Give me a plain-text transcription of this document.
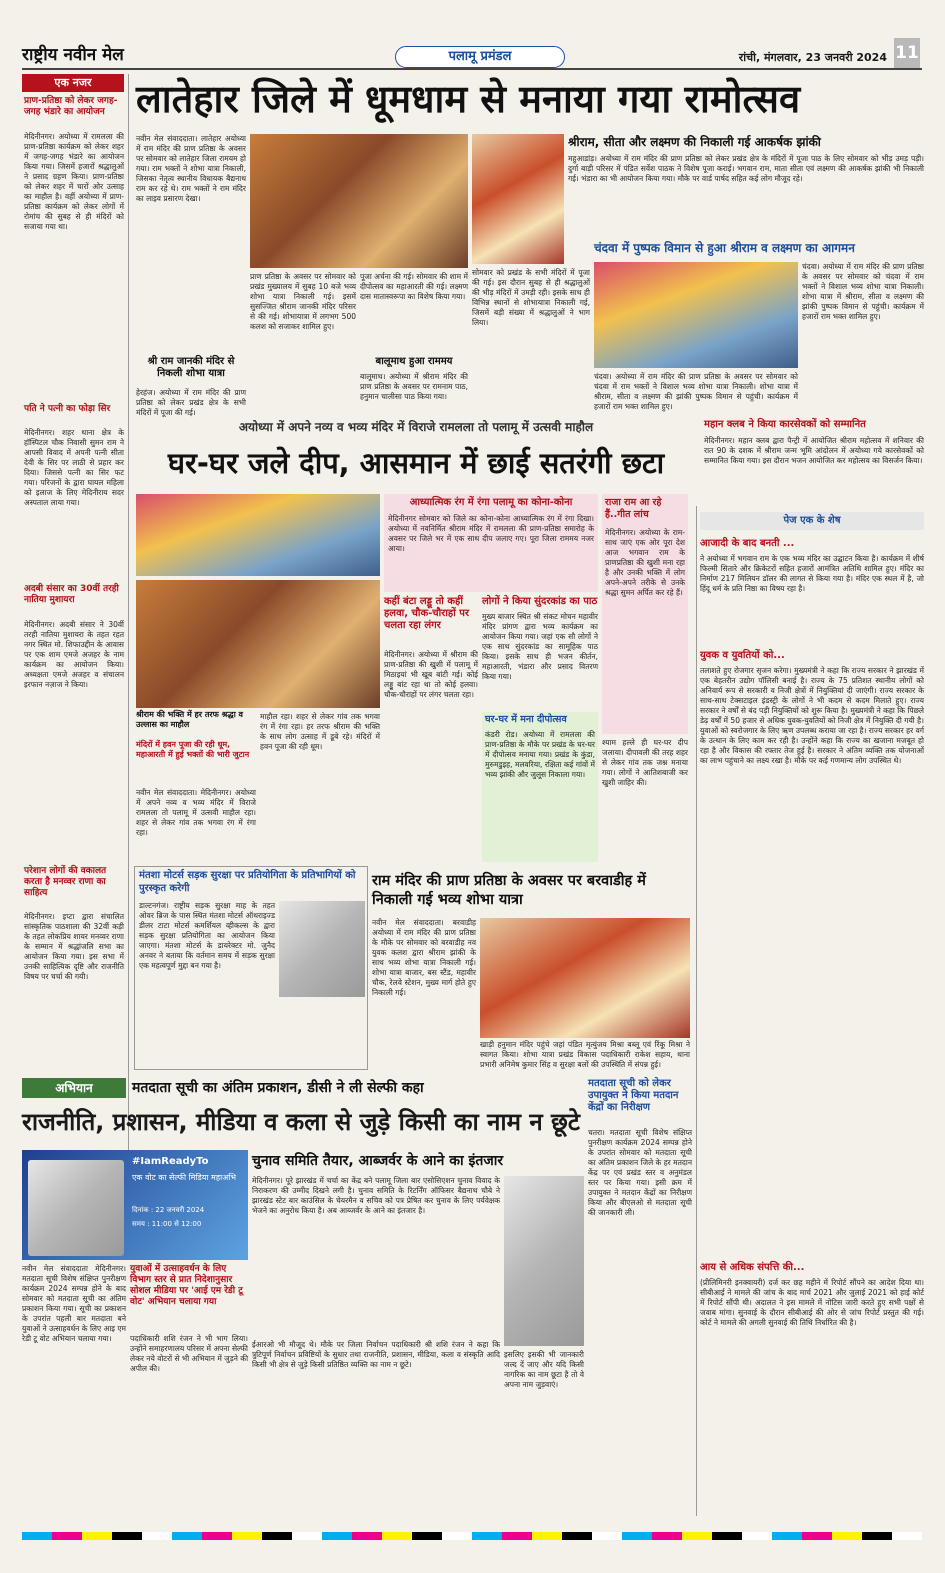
राष्ट्रीय नवीन मेल	पलामू प्रमंडल	रांची, मंगलवार, 23 जनवरी 2024 11
एक नजर
प्राण-प्रतिष्ठा को लेकर जगह-जगह भंडारे का आयोजन
मेदिनीनगर। अयोध्या में रामलला की प्राण-प्रतिष्ठा कार्यक्रम को लेकर शहर में जगह-जगह भंडारे का आयोजन किया गया। जिसमें हजारों श्रद्धालुओं ने प्रसाद ग्रहण किया। प्राण-प्रतिष्ठा को लेकर शहर में चारों ओर उत्साह का माहौल है। वहीं अयोध्या में प्राण-प्रतिष्ठा कार्यक्रम को लेकर लोगों में रोमांच की सुबह से ही मंदिरों को सजाया गया था।
पति ने पत्नी का फोड़ा सिर
मेदिनीनगर। शहर थाना क्षेत्र के हॉस्पिटल चौक निवासी सुमन राम ने आपसी विवाद में अपनी पत्नी सीता देवी के सिर पर लाठी से प्रहार कर दिया। जिससे पत्नी का सिर फट गया। परिजनों के द्वारा घायल महिला को इलाज के लिए मेदिनीराय सदर अस्पताल लाया गया।
अदबी संसार का 30वीं तरही नातिया मुशायरा
मेदिनीनगर। अदबी संसार ने 30वीं तरही नातिया मुशायरा के तहत रहत नगर स्थित मो. शिफाउद्दीन के आवास पर एक शाम एमजे अजहर के नाम कार्यक्रम का आयोजन किया। अध्यक्षता एमजे अजहर व संचालन इरफान नज़ाज ने किया।
परेशान लोगों की वकालत करता है मनव्वर राणा का साहित्य
मेदिनीनगर। इप्टा द्वारा संचालित सांस्कृतिक पाठशाला की 32वीं कड़ी के तहत लोकप्रिय शायर मनव्वर राणा के सम्मान में श्रद्धांजलि सभा का आयोजन किया गया। इस सभा में उनकी साहित्यिक दृष्टि और राजनीति विषय पर चर्चा की गयी।
लातेहार जिले में धूमधाम से मनाया गया रामोत्सव
नवीन मेल संवाददाता। लातेहार अयोध्या में राम मंदिर की प्राण प्रतिष्ठा के अवसर पर सोमवार को लातेहार जिला रामयम हो गया। राम भक्तों ने शोभा यात्रा निकाली, जिसका नेतृत्व स्थानीय विधायक बैद्यनाथ राम कर रहे थे। राम भक्तों ने राम मंदिर का लाइव प्रसारण देखा।
प्राण प्रतिष्ठा के अवसर पर सोमवार को प्रखंड मुख्यालय में सुबह 10 बजे भव्य शोभा यात्रा निकाली गई। इसमें सुसज्जित श्रीराम जानकी मंदिर परिसर से की गई। शोभायात्रा में लगभग 500 कलश को सजाकर शामिल हुए।
पूजा अर्चना की गई। सोमवार की शाम में दीपोत्सव का महाआरती की गई। लक्ष्मण दास मातास्वरूपा का विशेष किया गया।
श्री राम जानकी मंदिर से निकली शोभा यात्रा
हेरहंज। अयोध्या में राम मंदिर की प्राण प्रतिष्ठा को लेकर प्रखंड क्षेत्र के सभी मंदिरों में पूजा की गई।
बालूमाथ हुआ राममय
बालूमाथ। अयोध्या में श्रीराम मंदिर की प्राण प्रतिष्ठा के अवसर पर रामनाम पाठ, हनुमान चालीसा पाठ किया गया।
श्रीराम, सीता और लक्ष्मण की निकाली गई आकर्षक झांकी
महुआडांड़। अयोध्या में राम मंदिर की प्राण प्रतिष्ठा को लेकर प्रखंड क्षेत्र के मंदिरों में पूजा पाठ के लिए सोमवार को भीड़ उमड़ पड़ी। दुर्गा बाड़ी परिसर में पंडित सर्वेश पाठक ने विशेष पूजा कराई। भगवान राम, माता सीता एवं लक्ष्मण की आकर्षक झांकी भी निकाली गई। भंडारा का भी आयोजन किया गया। मौके पर वार्ड पार्षद सहित कई लोग मौजूद रहे।
सोमवार को प्रखंड के सभी मंदिरों में पूजा की गई। इस दौरान सुबह से ही श्रद्धालुओं की भीड़ मंदिरों में उमड़ी रही। इसके साथ ही विभिन्न स्थानों से शोभायात्रा निकाली गई, जिसमें बड़ी संख्या में श्रद्धालुओं ने भाग लिया।
चंदवा में पुष्पक विमान से हुआ श्रीराम व लक्ष्मण का आगमन
चंदवा। अयोध्या में राम मंदिर की प्राण प्रतिष्ठा के अवसर पर सोमवार को चंदवा में राम भक्तों ने विशाल भव्य शोभा यात्रा निकाली। शोभा यात्रा में श्रीराम, सीता व लक्ष्मण की झांकी पुष्पक विमान से पहुंची। कार्यक्रम में हजारों राम भक्त शामिल हुए।
चंदवा। अयोध्या में राम मंदिर की प्राण प्रतिष्ठा के अवसर पर सोमवार को चंदवा में राम भक्तों ने विशाल भव्य शोभा यात्रा निकाली। शोभा यात्रा में श्रीराम, सीता व लक्ष्मण की झांकी पुष्पक विमान से पहुंची। कार्यक्रम में हजारों राम भक्त शामिल हुए।
अयोध्या में अपने नव्य व भव्य मंदिर में विराजे रामलला तो पलामू में उत्सवी माहौल
घर-घर जले दीप, आसमान में छाई सतरंगी छटा
महान क्लब ने किया कारसेवकों को सम्मानित
मेदिनीनगर। महान क्लब द्वारा पैन्ट्री में आयोजित श्रीराम महोत्सव में शनिवार की रात 90 के दशक में श्रीराम जन्म भूमि आंदोलन में अयोध्या गये कारसेवकों को सम्मानित किया गया। इस दौरान भजन आयोजित कर महोत्सव का विसर्जन किया।
श्रीराम की भक्ति में हर तरफ श्रद्धा व उल्लास का माहौल
मंदिरों में हवन पूजा की रही धूम, महाआरती में हुई भक्तों की भारी जुटान
नवीन मेल संवाददाता। मेदिनीनगर। अयोध्या में अपने नव्य व भव्य मंदिर में विराजे रामलला तो पलामू में उत्सवी माहौल रहा। शहर से लेकर गांव तक भगवा रंग में रंगा रहा।
माहौल रहा। शहर से लेकर गांव तक भगवा रंग में रंगा रहा। हर तरफ श्रीराम की भक्ति के साथ लोग उत्साह में डूबे रहे। मंदिरों में हवन पूजा की रही धूम।
आध्यात्मिक रंग में रंगा पलामू का कोना-कोना
मेदिनीनगर सोमवार को जिले का कोना-कोना आध्यात्मिक रंग में रंगा दिखा। अयोध्या में नवनिर्मित श्रीराम मंदिर में रामलला की प्राण-प्रतिष्ठा समारोह के अवसर पर जिले भर में एक साथ दीप जलाए गए। पूरा जिला राममय नजर आया।
कहीं बंटा लड्डू तो कहीं हलवा, चौक-चौराहों पर चलता रहा लंगर
मेदिनीनगर। अयोध्या में श्रीराम की प्राण-प्रतिष्ठा की खुशी में पलामू में मिठाइयां भी खूब बांटी गई। कोई लड्डू बांट रहा था तो कोई हलवा। चौक-चौराहों पर लंगर चलता रहा।
लोगों ने किया सुंदरकांड का पाठ
मुख्य बाजार स्थित श्री संकट मोचन महावीर मंदिर प्रांगण द्वारा भव्य कार्यक्रम का आयोजन किया गया। जहां एक सौ लोगों ने एक साथ सुंदरकांड का सामूहिक पाठ किया। इसके साथ ही भजन कीर्तन, महाआरती, भंडारा और प्रसाद वितरण किया गया।
घर-घर में मना दीपोत्सव
कंडरी रोड। अयोध्या में रामलला की प्राण-प्रतिष्ठा के मौके पर प्रखंड के घर-घर में दीपोत्सव मनाया गया। प्रखंड के कुंडा, मुरुमडुइह, मलवरिया, रक्षिता कई गांवों में भव्य झांकी और जुलूस निकाला गया।
राजा राम आ रहे हैं..गीत लांच
मेदिनीनगर। अयोध्या के राम-साथ जाएं एक ओर पूरा देश आज भगवान राम के प्राणप्रतिष्ठा की खुशी मना रहा है और उनकी भक्ति में लोग अपने-अपने तरीके से उनके श्रद्धा सुमन अर्पित कर रहे हैं।
श्याम हल्ले ही घर-घर दीप जलाया। दीपावली की तरह शहर से लेकर गांव तक जश्न मनाया गया। लोगों ने आतिशबाजी कर खुशी जाहिर की।
पेज एक के शेष
आजादी के बाद बनती ...
ने अयोध्या में भगवान राम के एक भव्य मंदिर का उद्घाटन किया है। कार्यक्रम में शीर्ष फिल्मी सितारे और क्रिकेटरों सहित हजारों आमंत्रित अतिथि शामिल हुए। मंदिर का निर्माण 217 मिलियन डॉलर की लागत से किया गया है। मंदिर एक स्थल में है, जो हिंदू धर्म के प्रति निष्ठा का विषय रहा है।
युवक व युवतियों को...
तलाशते हुए रोजगार सृजन करेगा। मुख्यमंत्री ने कहा कि राज्य सरकार ने झारखंड में एक बेहतरीन उद्योग पॉलिसी बनाई है। राज्य के 75 प्रतिशत स्थानीय लोगों को अनिवार्य रूप से सरकारी व निजी क्षेत्रों में नियुक्तियां दी जाएंगी। राज्य सरकार के साथ-साथ टेक्सटाइल इंडस्ट्री के लोगों ने भी कदम से कदम मिलाते हुए। राज्य सरकार ने वर्षों से बंद पड़ी नियुक्तियों को शुरू किया है। मुख्यमंत्री ने कहा कि पिछले डेढ़ वर्षों में 50 हजार से अधिक युवक-युवतियों को निजी क्षेत्र में नियुक्ति दी गयी है। युवाओं को स्वरोजगार के लिए ऋण उपलब्ध कराया जा रहा है। राज्य सरकार हर वर्ग के उत्थान के लिए काम कर रही है। उन्होंने कहा कि राज्य का खजाना मजबूत हो रहा है और विकास की रफ्तार तेज हुई है। सरकार ने अंतिम व्यक्ति तक योजनाओं का लाभ पहुंचाने का लक्ष्य रखा है। मौके पर कई गणमान्य लोग उपस्थित थे।
आय से अधिक संपत्ति की...
(प्रीलिमिनरी इनक्वायरी) दर्ज कर छह महीने में रिपोर्ट सौंपने का आदेश दिया था। सीबीआई ने मामले की जांच के बाद मार्च 2021 और जुलाई 2021 को हाई कोर्ट में रिपोर्ट सौंपी थी। अदालत ने इस मामले में नोटिस जारी करते हुए सभी पक्षों से जवाब मांगा। सुनवाई के दौरान सीबीआई की ओर से जांच रिपोर्ट प्रस्तुत की गई। कोर्ट ने मामले की अगली सुनवाई की तिथि निर्धारित की है।
मंतशा मोटर्स सड़क सुरक्षा पर प्रतियोगिता के प्रतिभागियों को पुरस्कृत करेगी
डाल्टनगंज। राष्ट्रीय सड़क सुरक्षा माह के तहत ओवर ब्रिज के पास स्थित मंतशा मोटर्स ऑथराइज्ड डीलर टाटा मोटर्स कमर्शियल व्हीकल्स के द्वारा सड़क सुरक्षा प्रतियोगिता का आयोजन किया जाएगा। मंतशा मोटर्स के डायरेक्टर मो. जुनैद अनवर ने बताया कि वर्तमान समय में सड़क सुरक्षा एक महत्वपूर्ण मुद्दा बन गया है।
राम मंदिर की प्राण प्रतिष्ठा के अवसर पर बरवाडीह में निकाली गई भव्य शोभा यात्रा
नवीन मेल संवाददाता। बरवाडीह अयोध्या में राम मंदिर की प्राण प्रतिष्ठा के मौके पर सोमवार को बरवाडीह नव युवक कलश द्वारा श्रीराम झांकी के साथ भव्य शोभा यात्रा निकाली गई। शोभा यात्रा बाजार, बस स्टैंड, महावीर चौक, रेलवे स्टेशन, मुख्य मार्ग होते हुए निकाली गई।
खाड़ी हनुमान मंदिर पहुंचे जहां पंडित मृत्युंजय मिश्रा बब्लू एवं रिंकू मिश्रा ने स्वागत किया। शोभा यात्रा प्रखंड विकास पदाधिकारी राकेश सहाय, थाना प्रभारी अनिमेष कुमार सिंह व सुरक्षा बलों की उपस्थिति में संपन्न हुई।
अभियान	मतदाता सूची का अंतिम प्रकाशन, डीसी ने ली सेल्फी कहा
राजनीति, प्रशासन, मीडिया व कला से जुड़े किसी का नाम न छूटे
मतदाता सूची को लेकर उपायुक्त ने किया मतदान केंद्रों का निरीक्षण
चतरा। मतदाता सूची विशेष संक्षिप्त पुनरीक्षण कार्यक्रम 2024 सम्पन्न होने के उपरांत सोमवार को मतदाता सूची का अंतिम प्रकाशन जिले के हर मतदान केंद्र पर एवं प्रखंड स्तर व अनुमंडल स्तर पर किया गया। इसी क्रम में उपायुक्त ने मतदान केंद्रों का निरीक्षण किया और बीएलओ से मतदाता सूची की जानकारी ली।
#IamReadyTo
एक वोट का सेल्फी मिडिया महाअभि
दिनांक : 22 जनवरी 2024
समय : 11:00 से 12:00
नवीन मेल संवाददाता मेदिनीनगर। मतदाता सूची विशेष संक्षिप्त पुनरीक्षण कार्यक्रम 2024 सम्पन्न होने के बाद सोमवार को मतदाता सूची का अंतिम प्रकाशन किया गया। सूची का प्रकाशन के उपरांत पहली बार मतदाता बने युवाओं ने उत्साहवर्धन के लिए आइ एम रेडी टू वोट अभियान चलाया गया।
युवाओं में उत्साहवर्धन के लिए विभाग स्तर से प्रात निदेशानुसार सोशल मीडिया पर 'आई एम रेडी टू वोट' अभियान चलाया गया
पदाधिकारी शशि रंजन ने भी भाग लिया। उन्होंने समाहरणालय परिसर में अपना सेल्फी लेकर नये वोटरों से भी अभियान में जुड़ने की अपील की।
चुनाव समिति तैयार, आब्जर्वर के आने का इंतजार
मेदिनीनगर। पूरे झारखंड में चर्चा का केंद्र बने पलामू जिला बार एसोसिएशन चुनाव विवाद के निराकरण की उम्मीद दिखने लगी है। चुनाव समिति के रिटर्निंग ऑफिसर बैद्यनाथ चौबे ने झारखंड स्टेट बार काउंसिल के चेयरमैन व सचिव को पत्र प्रेषित कर चुनाव के लिए पर्यवेक्षक भेजने का अनुरोध किया है। अब आब्जर्वर के आने का इंतजार है।
ईआरओ भी मौजूद थे। मौके पर जिला निर्वाचन पदाधिकारी श्री शशि रंजन ने कहा कि त्रुटिपूर्ण निर्वाचन प्रविष्टियों के सुधार तथा राजनीति, प्रशासन, मीडिया, कला व संस्कृति आदि किसी भी क्षेत्र से जुड़े किसी प्रतिष्ठित व्यक्ति का नाम न छूटे।
इसलिए इसकी भी जानकारी जल्द दें जाए और यदि किसी नागरिक का नाम छूटा है तो वे अपना नाम जुड़वाएं।
